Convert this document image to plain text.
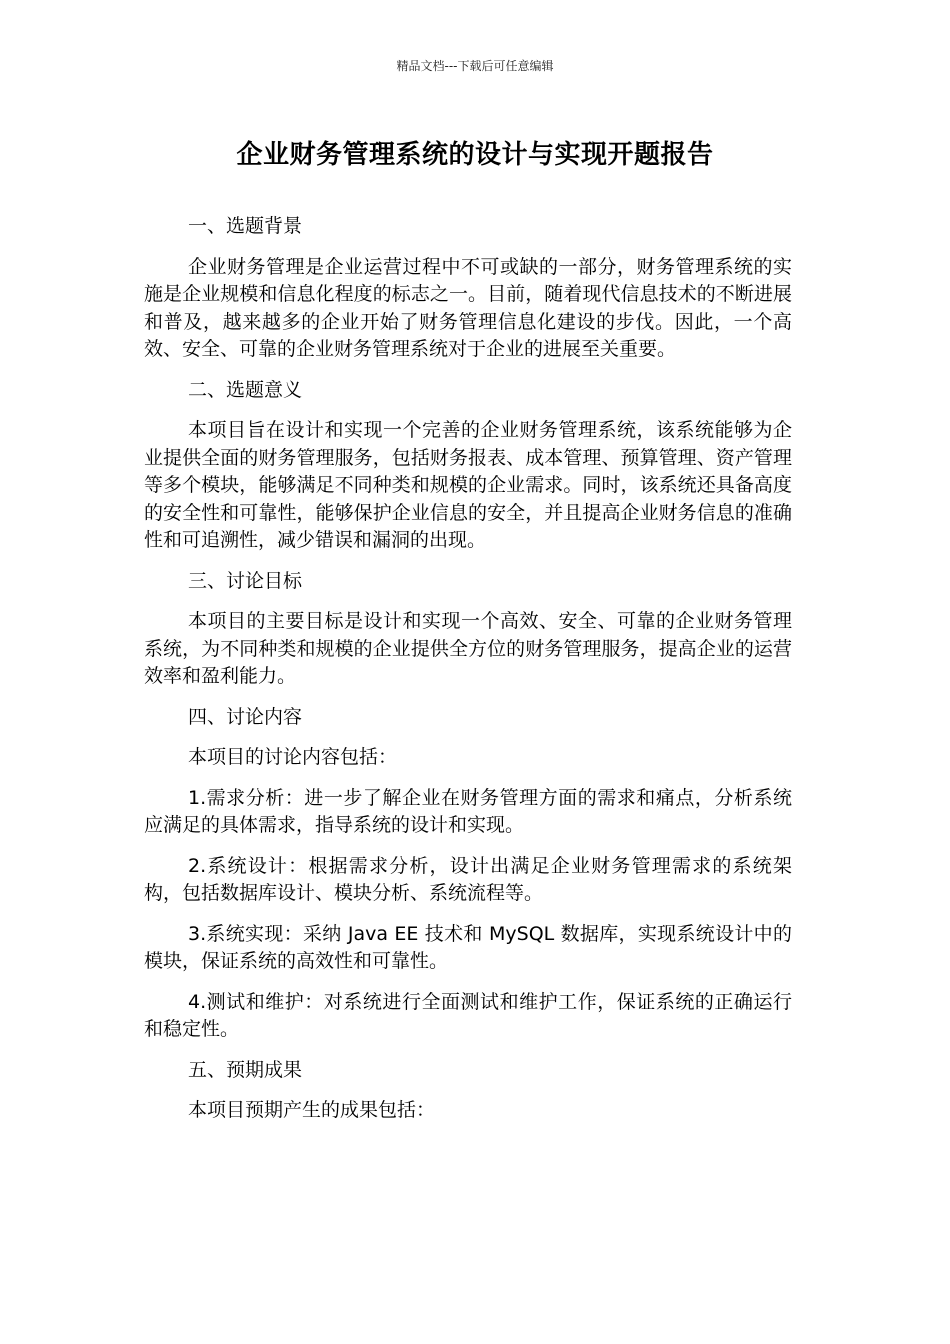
精品文档---下载后可任意编辑
企业财务管理系统的设计与实现开题报告

一、选题背景

企业财务管理是企业运营过程中不可或缺的一部分，财务管理系统的实施是企业规模和信息化程度的标志之一。目前，随着现代信息技术的不断进展和普及，越来越多的企业开始了财务管理信息化建设的步伐。因此，一个高效、安全、可靠的企业财务管理系统对于企业的进展至关重要。

二、选题意义

本项目旨在设计和实现一个完善的企业财务管理系统，该系统能够为企业提供全面的财务管理服务，包括财务报表、成本管理、预算管理、资产管理等多个模块，能够满足不同种类和规模的企业需求。同时，该系统还具备高度的安全性和可靠性，能够保护企业信息的安全，并且提高企业财务信息的准确性和可追溯性，减少错误和漏洞的出现。

三、讨论目标

本项目的主要目标是设计和实现一个高效、安全、可靠的企业财务管理系统，为不同种类和规模的企业提供全方位的财务管理服务，提高企业的运营效率和盈利能力。

四、讨论内容

本项目的讨论内容包括：

1.需求分析：进一步了解企业在财务管理方面的需求和痛点，分析系统应满足的具体需求，指导系统的设计和实现。

2.系统设计：根据需求分析，设计出满足企业财务管理需求的系统架构，包括数据库设计、模块分析、系统流程等。

3.系统实现：采纳 Java EE 技术和 MySQL 数据库，实现系统设计中的模块，保证系统的高效性和可靠性。

4.测试和维护：对系统进行全面测试和维护工作，保证系统的正确运行和稳定性。

五、预期成果

本项目预期产生的成果包括：
